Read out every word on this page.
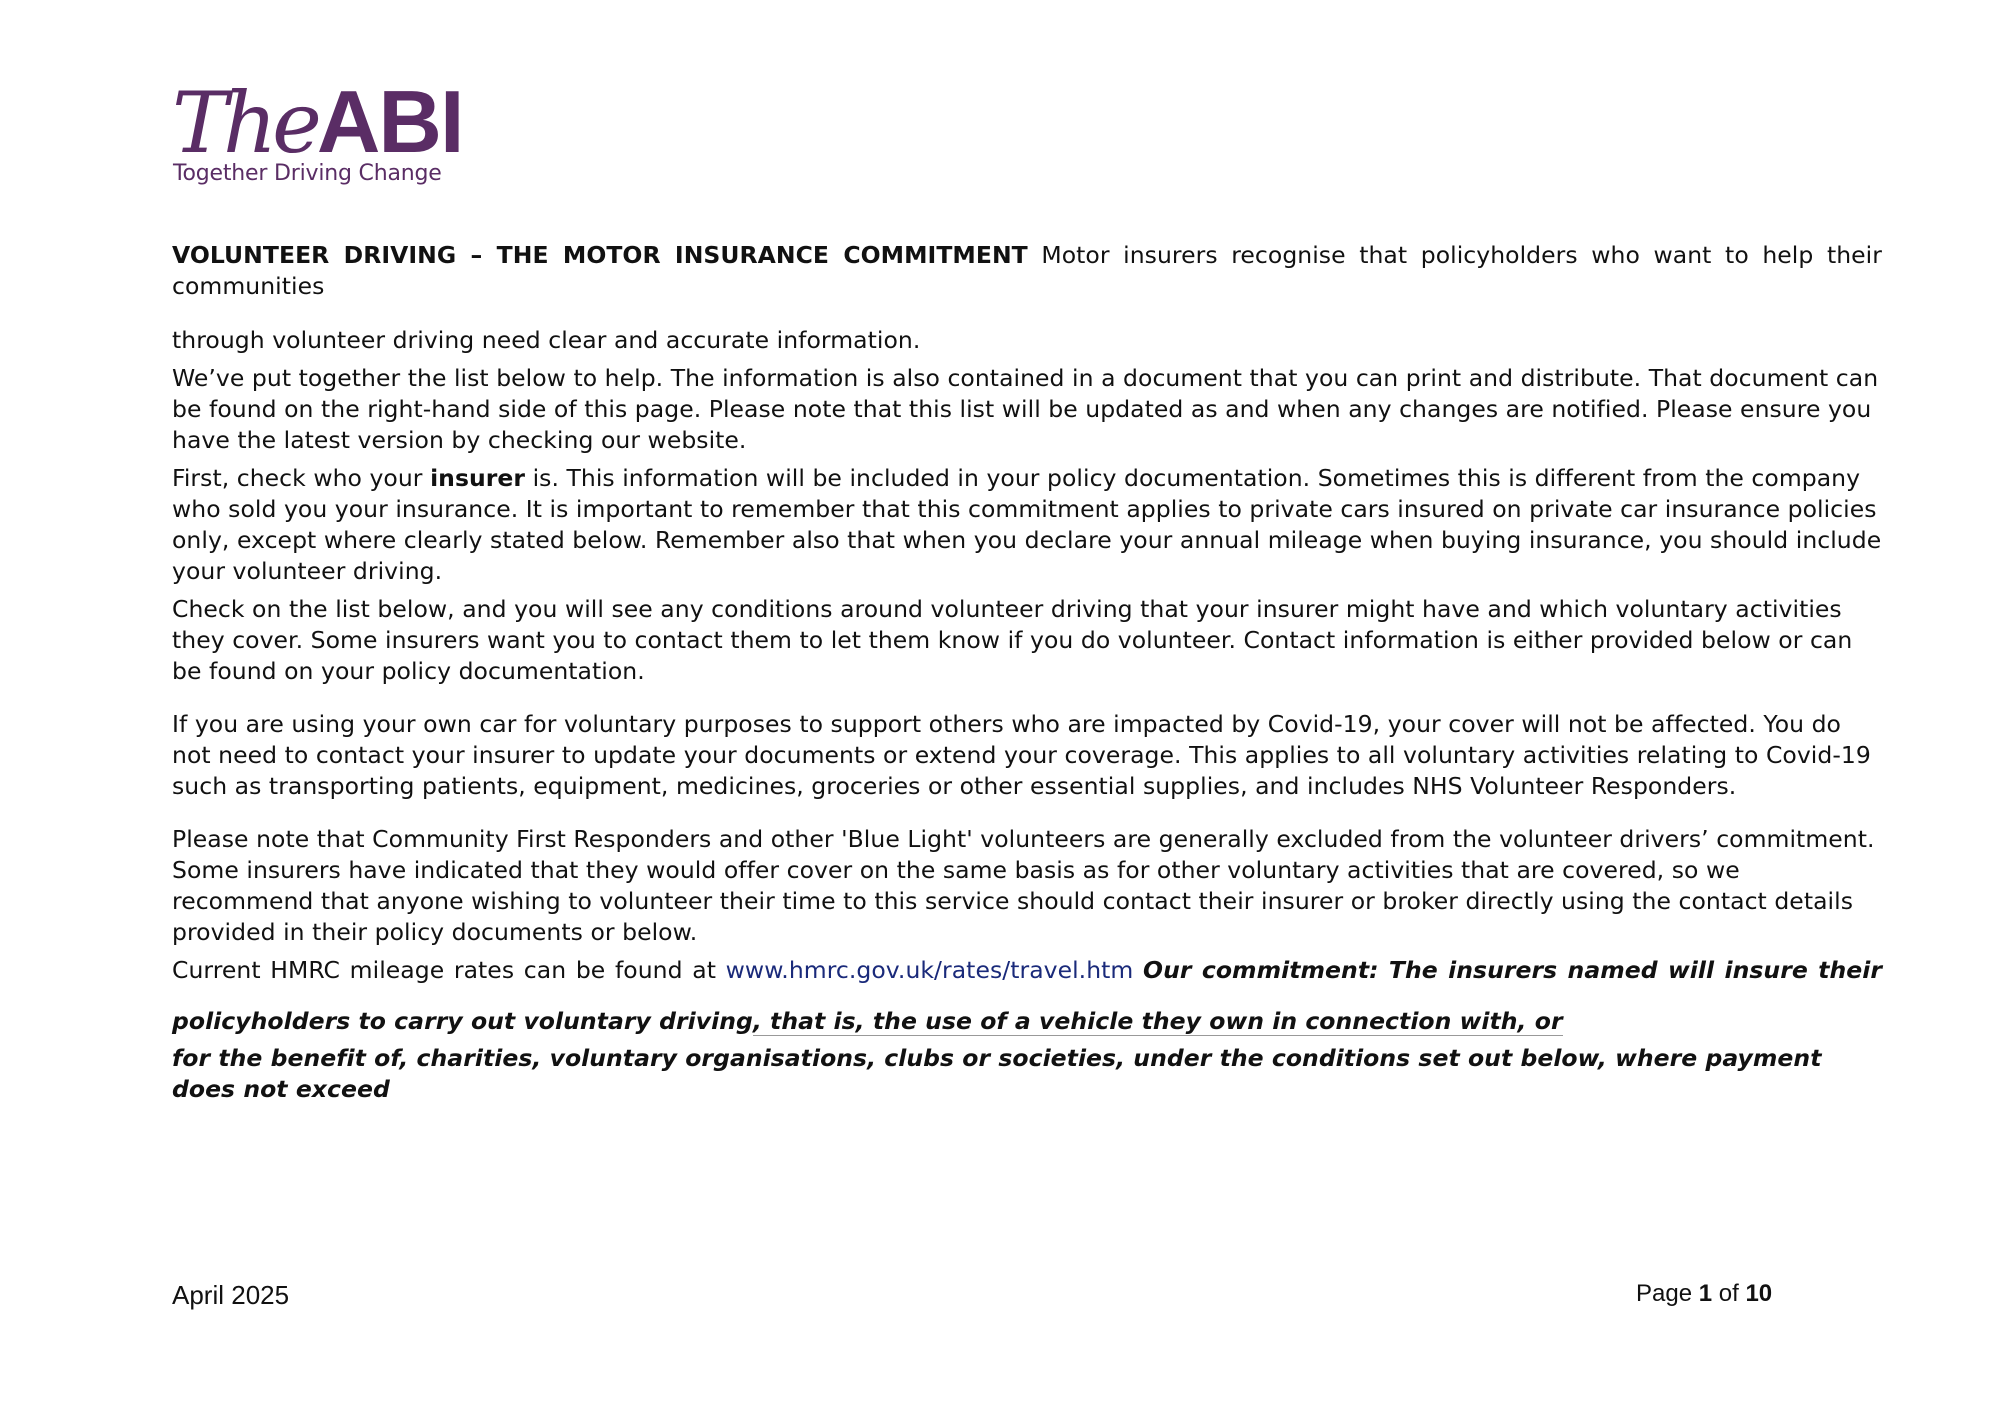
TheABI
Together Driving Change
VOLUNTEER DRIVING – THE MOTOR INSURANCE COMMITMENT Motor insurers recognise that policyholders who want to help their communities

through volunteer driving need clear and accurate information.

We’ve put together the list below to help. The information is also contained in a document that you can print and distribute. That document can be found on the right-hand side of this page. Please note that this list will be updated as and when any changes are notified. Please ensure you have the latest version by checking our website.

First, check who your insurer is. This information will be included in your policy documentation. Sometimes this is different from the company who sold you your insurance. It is important to remember that this commitment applies to private cars insured on private car insurance policies only, except where clearly stated below. Remember also that when you declare your annual mileage when buying insurance, you should include your volunteer driving.

Check on the list below, and you will see any conditions around volunteer driving that your insurer might have and which voluntary activities they cover. Some insurers want you to contact them to let them know if you do volunteer. Contact information is either provided below or can be found on your policy documentation.

If you are using your own car for voluntary purposes to support others who are impacted by Covid-19, your cover will not be affected. You do not need to contact your insurer to update your documents or extend your coverage. This applies to all voluntary activities relating to Covid-19 such as transporting patients, equipment, medicines, groceries or other essential supplies, and includes NHS Volunteer Responders.

Please note that Community First Responders and other 'Blue Light' volunteers are generally excluded from the volunteer drivers’ commitment. Some insurers have indicated that they would offer cover on the same basis as for other voluntary activities that are covered, so we recommend that anyone wishing to volunteer their time to this service should contact their insurer or broker directly using the contact details provided in their policy documents or below.

Current HMRC mileage rates can be found at www.hmrc.gov.uk/rates/travel.htm Our commitment: The insurers named will insure their
policyholders to carry out voluntary driving, that is, the use of a vehicle they own in connection with, or
for the benefit of, charities, voluntary organisations, clubs or societies, under the conditions set out below, where payment does not exceed
April 2025	Page 1 of 10
